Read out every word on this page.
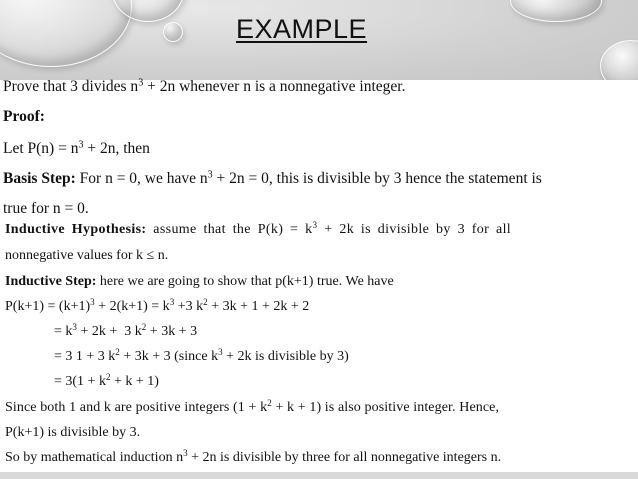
EXAMPLE
Prove that 3 divides $n^3 + 2n$ whenever n is a nonnegative integer.
Proof:
Let $P(n) = n^3 + 2n$, then
Basis Step: For n = 0, we have $n^3 + 2n = 0$, this is divisible by 3 hence the statement is
true for n = 0.
Inductive Hypothesis: assume that the $P(k) = k^3 + 2k$ is divisible by 3 for all
nonnegative values for k ≤ n.
Inductive Step: here we are going to show that p(k+1) true. We have
$P(k+1) = (k+1)^3 + 2(k+1) = k^3 +3$ $k^2 + 3k + 1 + 2k + 2$
= $k^3 + 2k + 3$ $k^2 + 3k + 3$
= 3 1 + 3 $k^2 + 3k + 3$ (since $k^3 + 2k$ is divisible by 3)
= $3(1 + k^2 + k + 1)$
Since both 1 and k are positive integers $(1 + k^2 + k + 1)$ is also positive integer. Hence,
P(k+1) is divisible by 3.
So by mathematical induction $n^3 + 2n$ is divisible by three for all nonnegative integers n.
